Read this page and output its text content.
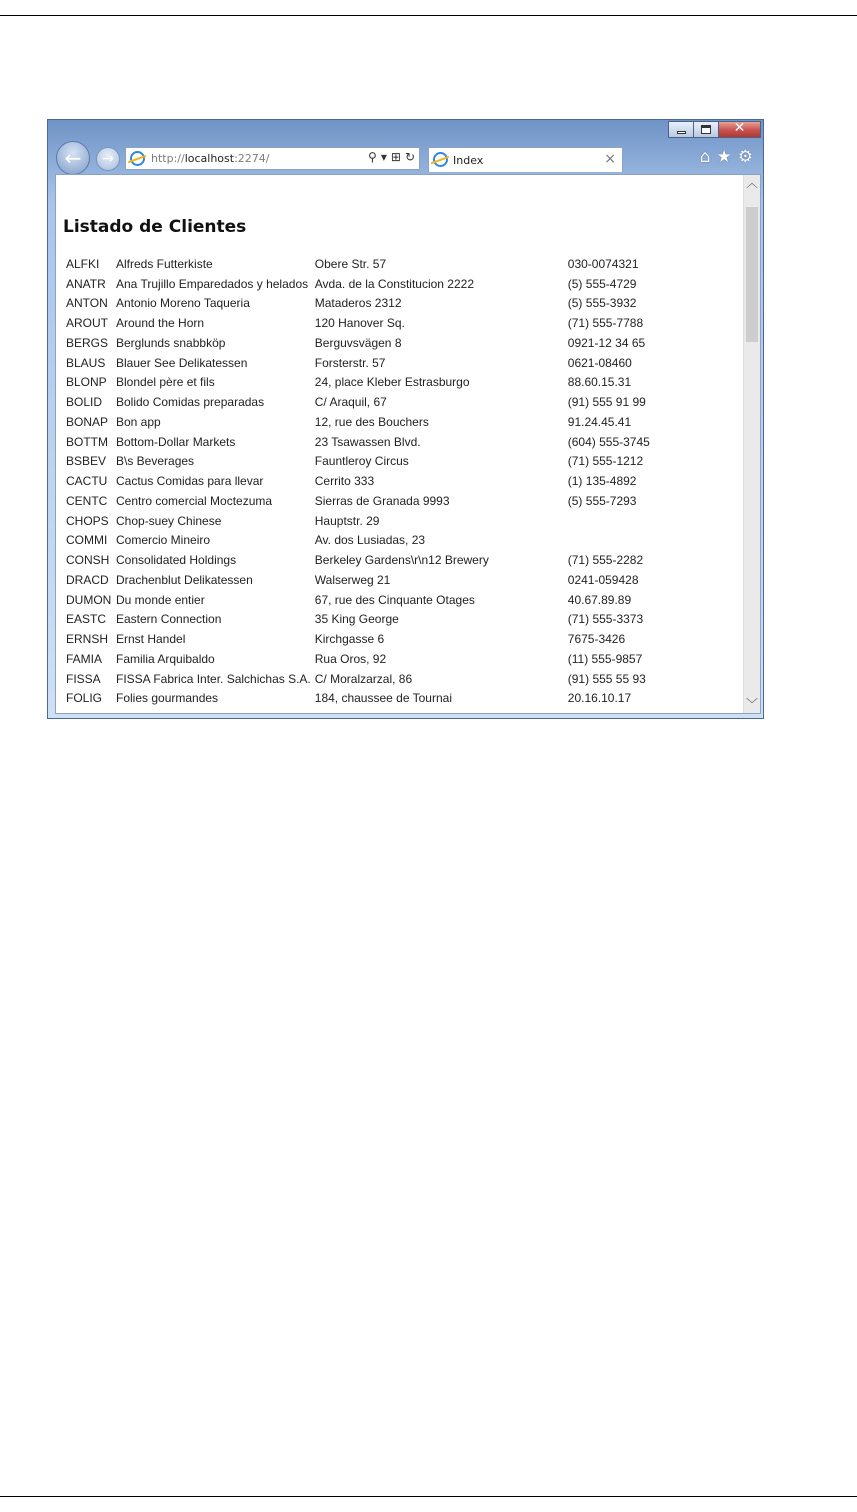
✕
← →	http://localhost:2274/	⚲ ▾ ⊞ ↻	Index	×	⌂ ★ ⚙
Listado de Clientes
ALFKI	Alfreds Futterkiste	Obere Str. 57	030-0074321
ANATR	Ana Trujillo Emparedados y helados	Avda. de la Constitucion 2222	(5) 555-4729
ANTON	Antonio Moreno Taqueria	Mataderos 2312	(5) 555-3932
AROUT	Around the Horn	120 Hanover Sq.	(71) 555-7788
BERGS	Berglunds snabbköp	Berguvsvägen 8	0921-12 34 65
BLAUS	Blauer See Delikatessen	Forsterstr. 57	0621-08460
BLONP	Blondel père et fils	24, place Kleber Estrasburgo	88.60.15.31
BOLID	Bolido Comidas preparadas	C/ Araquil, 67	(91) 555 91 99
BONAP	Bon app	12, rue des Bouchers	91.24.45.41
BOTTM	Bottom-Dollar Markets	23 Tsawassen Blvd.	(604) 555-3745
BSBEV	B\s Beverages	Fauntleroy Circus	(71) 555-1212
CACTU	Cactus Comidas para llevar	Cerrito 333	(1) 135-4892
CENTC	Centro comercial Moctezuma	Sierras de Granada 9993	(5) 555-7293
CHOPS	Chop-suey Chinese	Hauptstr. 29	
COMMI	Comercio Mineiro	Av. dos Lusiadas, 23	
CONSH	Consolidated Holdings	Berkeley Gardens\r\n12 Brewery	(71) 555-2282
DRACD	Drachenblut Delikatessen	Walserweg 21	0241-059428
DUMON	Du monde entier	67, rue des Cinquante Otages	40.67.89.89
EASTC	Eastern Connection	35 King George	(71) 555-3373
ERNSH	Ernst Handel	Kirchgasse 6	7675-3426
FAMIA	Familia Arquibaldo	Rua Oros, 92	(11) 555-9857
FISSA	FISSA Fabrica Inter. Salchichas S.A.	C/ Moralzarzal, 86	(91) 555 55 93
FOLIG	Folies gourmandes	184, chaussee de Tournai	20.16.10.17
︿
﹀
